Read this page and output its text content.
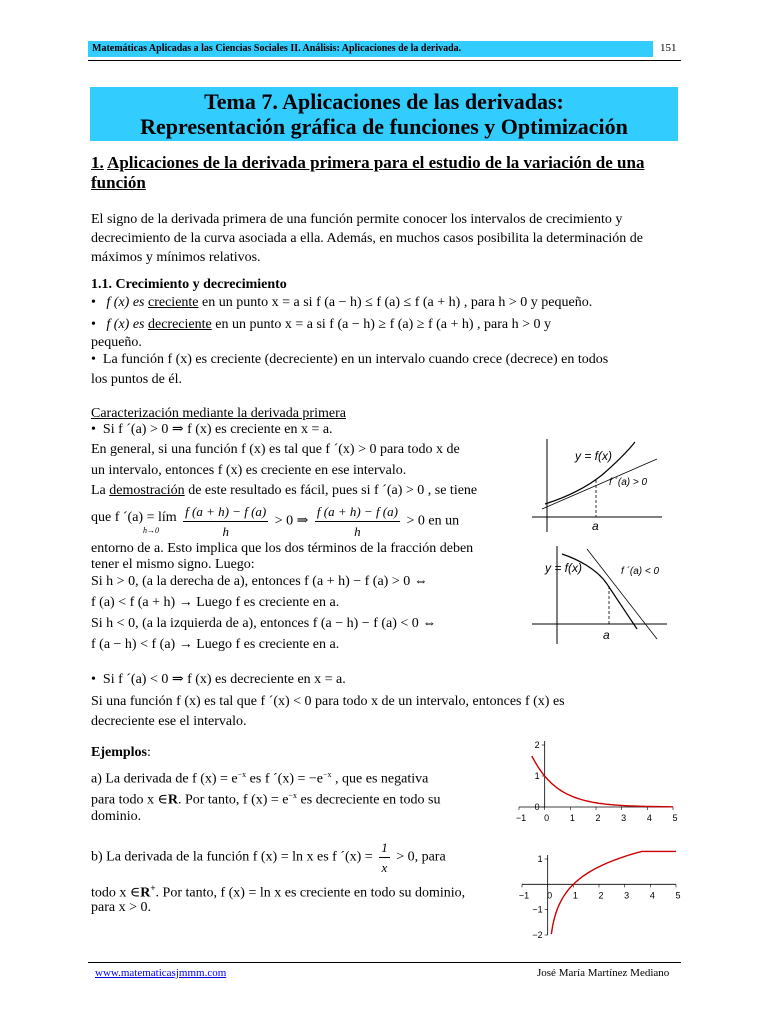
Matemáticas Aplicadas a las Ciencias Sociales II. Análisis: Aplicaciones de la derivada.	151
Tema 7. Aplicaciones de las derivadas:
Representación gráfica de funciones y Optimización
1. Aplicaciones de la derivada primera para el estudio de la variación de una función
El signo de la derivada primera de una función permite conocer los intervalos de crecimiento y decrecimiento de la curva asociada a ella. Además, en muchos casos posibilita la determinación de máximos y mínimos relativos.
1.1. Crecimiento y decrecimiento
•   f (x) es creciente en un punto x = a si f (a − h) ≤ f (a) ≤ f (a + h) , para h > 0 y pequeño.
•   f (x) es decreciente en un punto x = a si f (a − h) ≥ f (a) ≥ f (a + h) , para h > 0 y
pequeño.
•  La función f (x) es creciente (decreciente) en un intervalo cuando crece (decrece) en todos
los puntos de él.
Caracterización mediante la derivada primera
•  Si f ´(a) > 0 ⇒ f (x) es creciente en x = a.
En general, si una función f (x) es tal que f ´(x) > 0 para todo x de
un intervalo, entonces f (x) es creciente en ese intervalo.
La demostración de este resultado es fácil, pues si f ´(a) > 0 , se tiene
que f ´(a) = lím
h→0
	$\frac{f (a + h) - f (a)}{h} > 0$ ⇒ $\frac{f (a + h) - f (a)}{h} > 0$ en un
entorno de a. Esto implica que los dos términos de la fracción deben
tener el mismo signo. Luego:
Si h > 0, (a la derecha de a), entonces f (a + h) − f (a) > 0 ⇔
f (a) < f (a + h) → Luego f es creciente en a.
Si h < 0, (a la izquierda de a), entonces f (a − h) − f (a) < 0 ⇔
f (a − h) < f (a) → Luego f es creciente en a.
•  Si f ´(a) < 0 ⇒ f (x) es decreciente en x = a.
Si una función f (x) es tal que f ´(x) < 0 para todo x de un intervalo, entonces f (x) es
decreciente ese el intervalo.
Ejemplos:
a) La derivada de f $(x) = e^{-x}$ es f ´(x) = $-e^{-x}$ , que es negativa
para todo x ∈R. Por tanto, f $(x) = e^{-x}$ es decreciente en todo su
dominio.
b) La derivada de la función f (x) = ln x es f ´(x) = $\frac{1}{x} > 0$, para
todo x ∈R+. Por tanto, f (x) = ln x es creciente en todo su dominio,
para x > 0.
y = f(x)
f ´(a) > 0
a
y = f(x)	f ´(a) < 0
a
−1 0 1 2 3 4 5
0
1
2
−1 0 1 2 3 4 5
−2
−1
1
www.matematicasjmmm.com	José María Martínez Mediano
